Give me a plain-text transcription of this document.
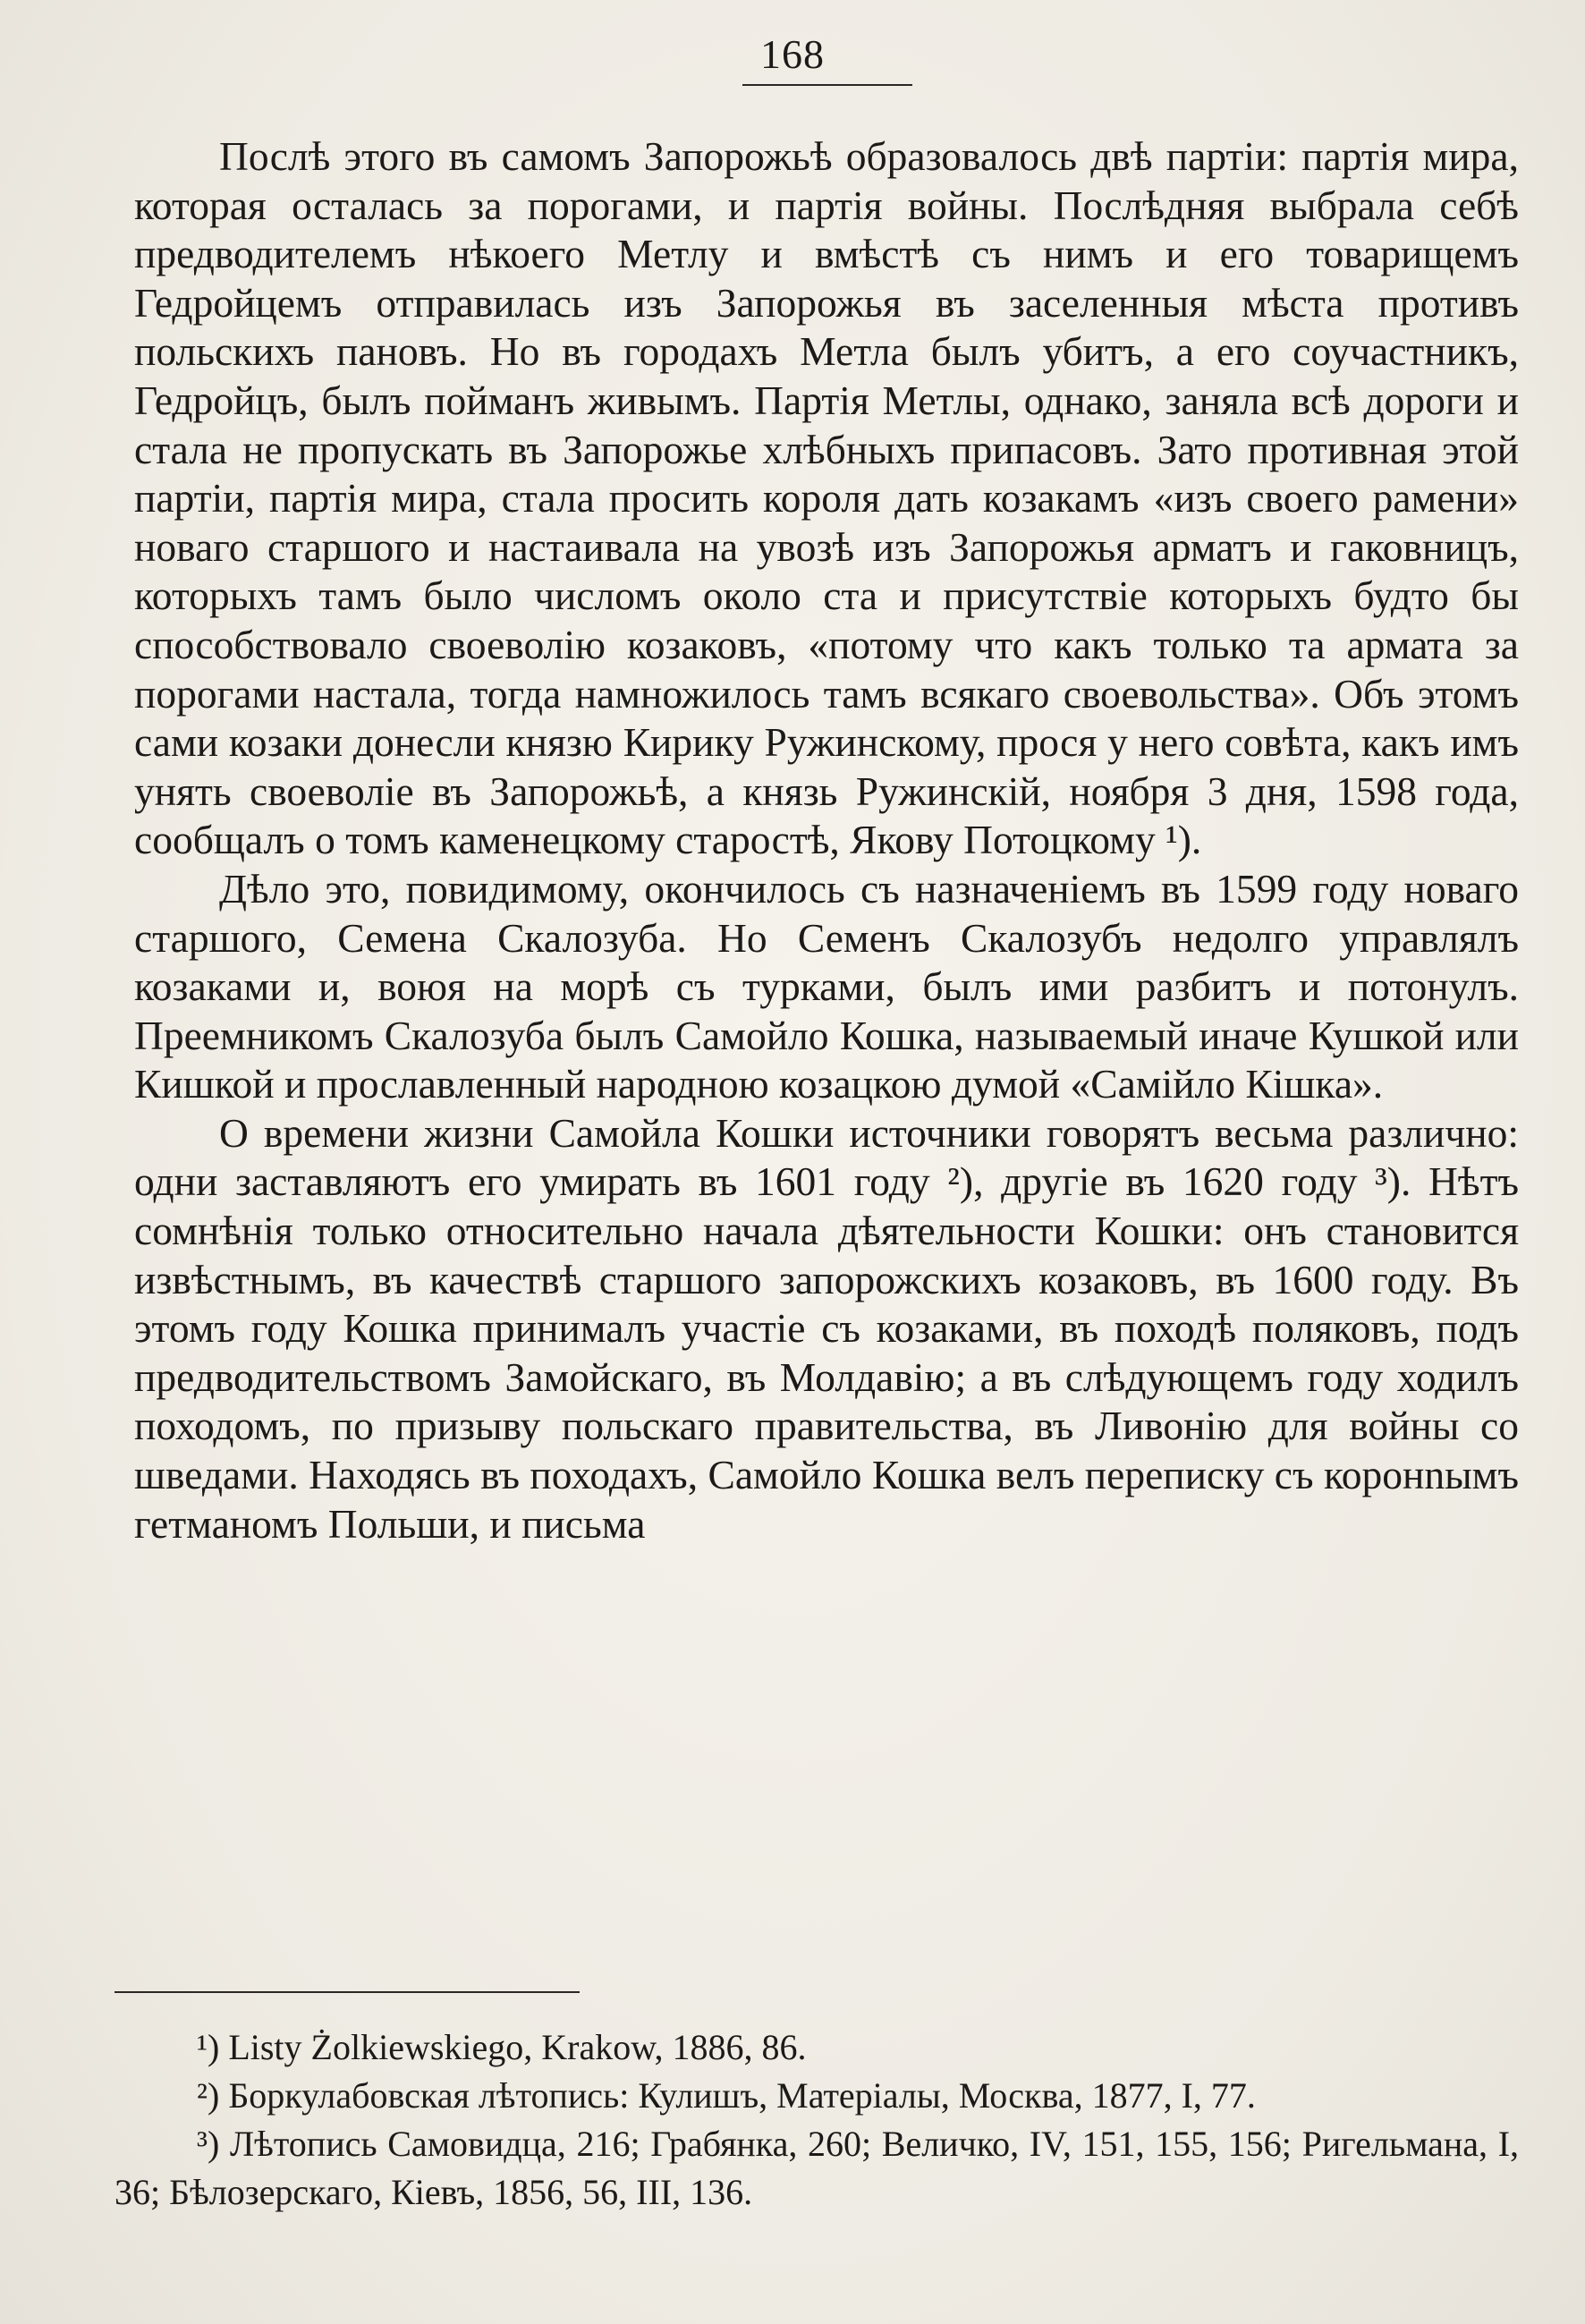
168

Послѣ этого въ самомъ Запорожьѣ образовалось двѣ партіи: партія мира, которая осталась за порогами, и партія войны. Послѣдняя выбрала себѣ предводителемъ нѣкоего Метлу и вмѣстѣ съ нимъ и его товарищемъ Гедройцемъ отправилась изъ Запорожья въ заселенныя мѣста противъ польскихъ пановъ. Но въ городахъ Метла былъ убитъ, а его соучастникъ, Гедройцъ, былъ пойманъ живымъ. Партія Метлы, однако, заняла всѣ дороги и стала не пропускать въ Запорожье хлѣбныхъ припасовъ. Зато противная этой партіи, партія мира, стала просить короля дать козакамъ «изъ своего рамени» новаго старшого и настаивала на увозѣ изъ Запорожья арматъ и гаковницъ, которыхъ тамъ было числомъ около ста и присутствіе которыхъ будто бы способствовало своеволію козаковъ, «потому что какъ только та армата за порогами настала, тогда намножилось тамъ всякаго своевольства». Объ этомъ сами козаки донесли князю Кирику Ружинскому, прося у него совѣта, какъ имъ унять своеволіе въ Запорожьѣ, а князь Ружинскій, ноября 3 дня, 1598 года, сообщалъ о томъ каменецкому старостѣ, Якову Потоцкому ¹).

Дѣло это, повидимому, окончилось съ назначеніемъ въ 1599 году новаго старшого, Семена Скалозуба. Но Семенъ Скалозубъ недолго управлялъ козаками и, воюя на морѣ съ турками, былъ ими разбитъ и потонулъ. Преемникомъ Скалозуба былъ Самойло Кошка, называемый иначе Кушкой или Кишкой и прославленный народною козацкою думой «Самійло Кішка».

О времени жизни Самойла Кошки источники говорятъ весьма различно: одни заставляютъ его умирать въ 1601 году ²), другіе въ 1620 году ³). Нѣтъ сомнѣнія только относительно начала дѣятельности Кошки: онъ становится извѣстнымъ, въ качествѣ старшого запорожскихъ козаковъ, въ 1600 году. Въ этомъ году Кошка принималъ участіе съ козаками, въ походѣ поляковъ, подъ предводительствомъ Замойскаго, въ Молдавію; а въ слѣдующемъ году ходилъ походомъ, по призыву польскаго правительства, въ Ливонію для войны со шведами. Находясь въ походахъ, Самойло Кошка велъ переписку съ коронnымъ гетманомъ Польши, и письма

¹) Listy Żolkiewskiego, Krakow, 1886, 86.

²) Боркулабовская лѣтопись: Кулишъ, Матеріалы, Москва, 1877, I, 77.

³) Лѣтопись Самовидца, 216; Грабянка, 260; Величко, IV, 151, 155, 156; Ригельмана, I, 36; Бѣлозерскаго, Кіевъ, 1856, 56, III, 136.
